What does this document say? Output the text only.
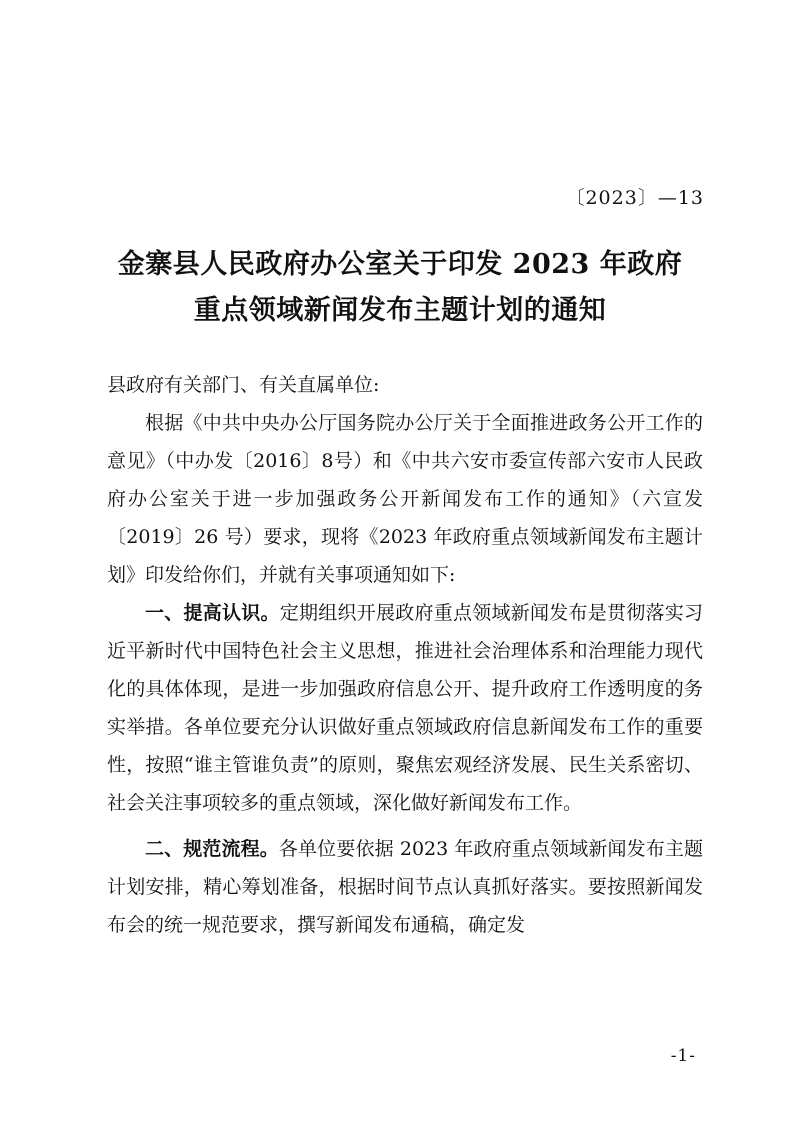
〔2023〕—13
金寨县人民政府办公室关于印发 2023 年政府
重点领域新闻发布主题计划的通知

县政府有关部门、有关直属单位:

根据《中共中央办公厅国务院办公厅关于全面推进政务公开工作的意见》（中办发〔2016〕8号）和《中共六安市委宣传部六安市人民政府办公室关于进一步加强政务公开新闻发布工作的通知》（六宣发〔2019〕26 号）要求，现将《2023 年政府重点领域新闻发布主题计划》印发给你们，并就有关事项通知如下:

一、提高认识。定期组织开展政府重点领域新闻发布是贯彻落实习近平新时代中国特色社会主义思想，推进社会治理体系和治理能力现代化的具体体现，是进一步加强政府信息公开、提升政府工作透明度的务实举措。各单位要充分认识做好重点领域政府信息新闻发布工作的重要性，按照“谁主管谁负责”的原则，聚焦宏观经济发展、民生关系密切、社会关注事项较多的重点领域，深化做好新闻发布工作。

二、规范流程。各单位要依据 2023 年政府重点领域新闻发布主题计划安排，精心筹划准备，根据时间节点认真抓好落实。要按照新闻发布会的统一规范要求，撰写新闻发布通稿，确定发

-1-
